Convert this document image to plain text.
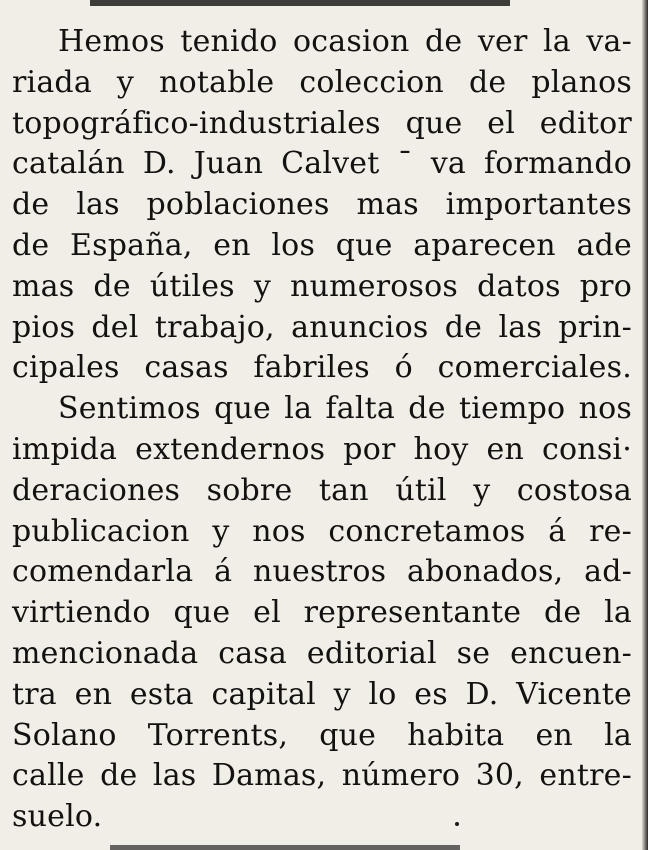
Hemos tenido ocasion de ver la va-
riada y notable coleccion de planos
topográfico-industriales que el editor
catalán D. Juan Calvet ˉ va formando
de las poblaciones mas importantes
de España, en los que aparecen ade
mas de útiles y numerosos datos pro
pios del trabajo, anuncios de las prin-
cipales casas fabriles ó comerciales.
Sentimos que la falta de tiempo nos
impida extendernos por hoy en consi·
deraciones sobre tan útil y costosa
publicacion y nos concretamos á re-
comendarla á nuestros abonados, ad-
virtiendo que el representante de la
mencionada casa editorial se encuen-
tra en esta capital y lo es D. Vicente
Solano Torrents, que habita en la
calle de las Damas, número 30, entre-
suelo.
